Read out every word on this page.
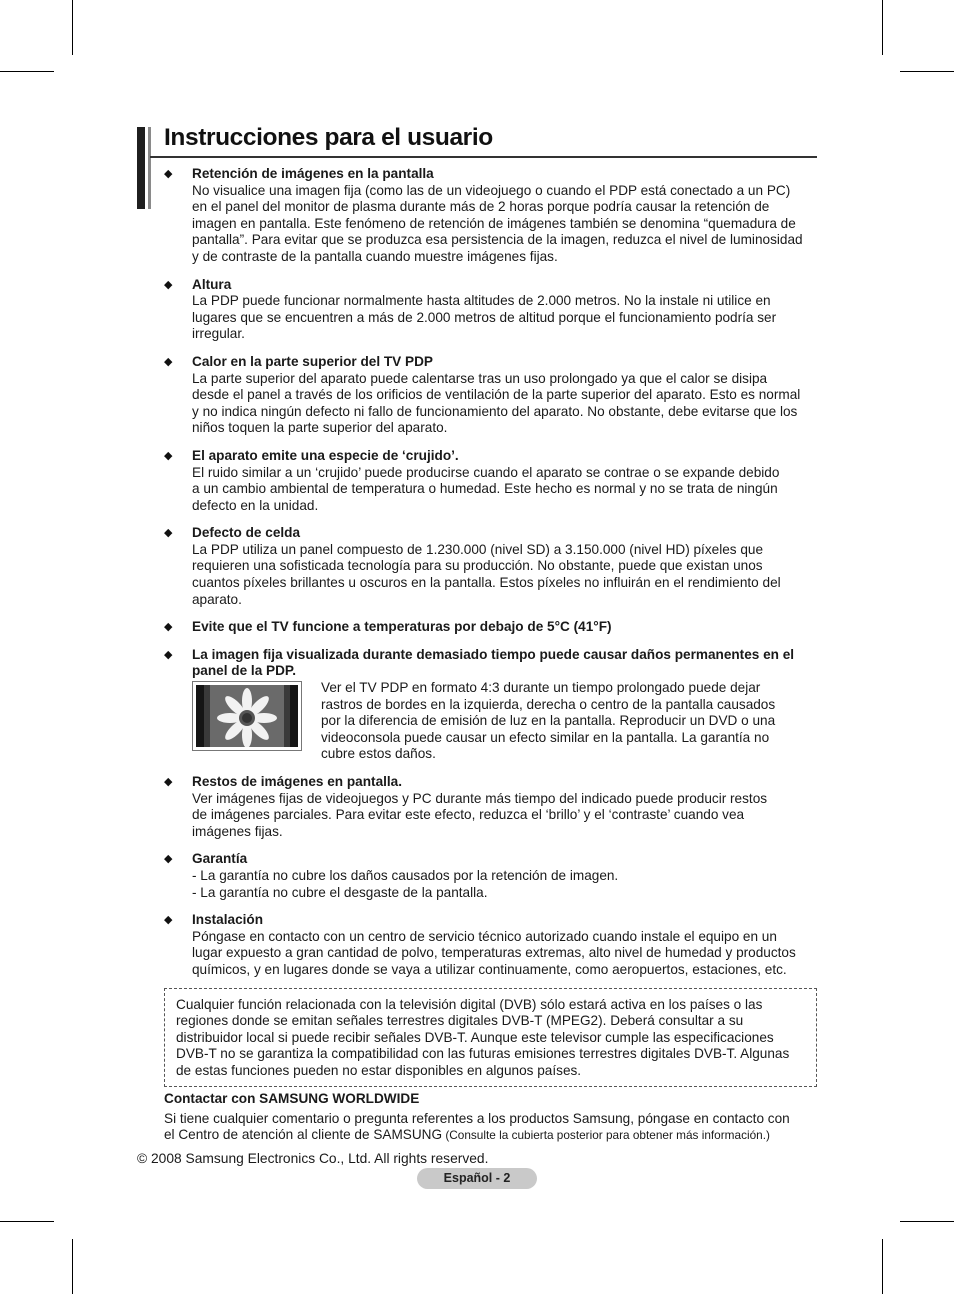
Instrucciones para el usuario
◆ Retención de imágenes en la pantalla
No visualice una imagen fija (como las de un videojuego o cuando el PDP está conectado a un PC)
en el panel del monitor de plasma durante más de 2 horas porque podría causar la retención de
imagen en pantalla. Este fenómeno de retención de imágenes también se denomina “quemadura de
pantalla”. Para evitar que se produzca esa persistencia de la imagen, reduzca el nivel de luminosidad
y de contraste de la pantalla cuando muestre imágenes fijas.
◆ Altura
La PDP puede funcionar normalmente hasta altitudes de 2.000 metros. No la instale ni utilice en
lugares que se encuentren a más de 2.000 metros de altitud porque el funcionamiento podría ser
irregular.
◆ Calor en la parte superior del TV PDP
La parte superior del aparato puede calentarse tras un uso prolongado ya que el calor se disipa
desde el panel a través de los orificios de ventilación de la parte superior del aparato. Esto es normal
y no indica ningún defecto ni fallo de funcionamiento del aparato. No obstante, debe evitarse que los
niños toquen la parte superior del aparato.
◆ El aparato emite una especie de ‘crujido’.
El ruido similar a un ‘crujido’ puede producirse cuando el aparato se contrae o se expande debido
a un cambio ambiental de temperatura o humedad. Este hecho es normal y no se trata de ningún
defecto en la unidad.
◆ Defecto de celda
La PDP utiliza un panel compuesto de 1.230.000 (nivel SD) a 3.150.000 (nivel HD) píxeles que
requieren una sofisticada tecnología para su producción. No obstante, puede que existan unos
cuantos píxeles brillantes u oscuros en la pantalla. Estos píxeles no influirán en el rendimiento del
aparato.
◆ Evite que el TV funcione a temperaturas por debajo de 5°C (41°F)
◆ La imagen fija visualizada durante demasiado tiempo puede causar daños permanentes en el
panel de la PDP.
Ver el TV PDP en formato 4:3 durante un tiempo prolongado puede dejar
rastros de bordes en la izquierda, derecha o centro de la pantalla causados
por la diferencia de emisión de luz en la pantalla. Reproducir un DVD o una
videoconsola puede causar un efecto similar en la pantalla. La garantía no
cubre estos daños.
◆ Restos de imágenes en pantalla.
Ver imágenes fijas de videojuegos y PC durante más tiempo del indicado puede producir restos
de imágenes parciales. Para evitar este efecto, reduzca el ‘brillo’ y el ‘contraste’ cuando vea
imágenes fijas.
◆ Garantía
- La garantía no cubre los daños causados por la retención de imagen.
- La garantía no cubre el desgaste de la pantalla.
◆ Instalación
Póngase en contacto con un centro de servicio técnico autorizado cuando instale el equipo en un
lugar expuesto a gran cantidad de polvo, temperaturas extremas, alto nivel de humedad y productos
químicos, y en lugares donde se vaya a utilizar continuamente, como aeropuertos, estaciones, etc.
Cualquier función relacionada con la televisión digital (DVB) sólo estará activa en los países o las
regiones donde se emitan señales terrestres digitales DVB-T (MPEG2). Deberá consultar a su
distribuidor local si puede recibir señales DVB-T. Aunque este televisor cumple las especificaciones
DVB-T no se garantiza la compatibilidad con las futuras emisiones terrestres digitales DVB-T. Algunas
de estas funciones pueden no estar disponibles en algunos países.
Contactar con SAMSUNG WORLDWIDE
Si tiene cualquier comentario o pregunta referentes a los productos Samsung, póngase en contacto con
el Centro de atención al cliente de SAMSUNG (Consulte la cubierta posterior para obtener más información.)
© 2008 Samsung Electronics Co., Ltd. All rights reserved.
Español - 2
